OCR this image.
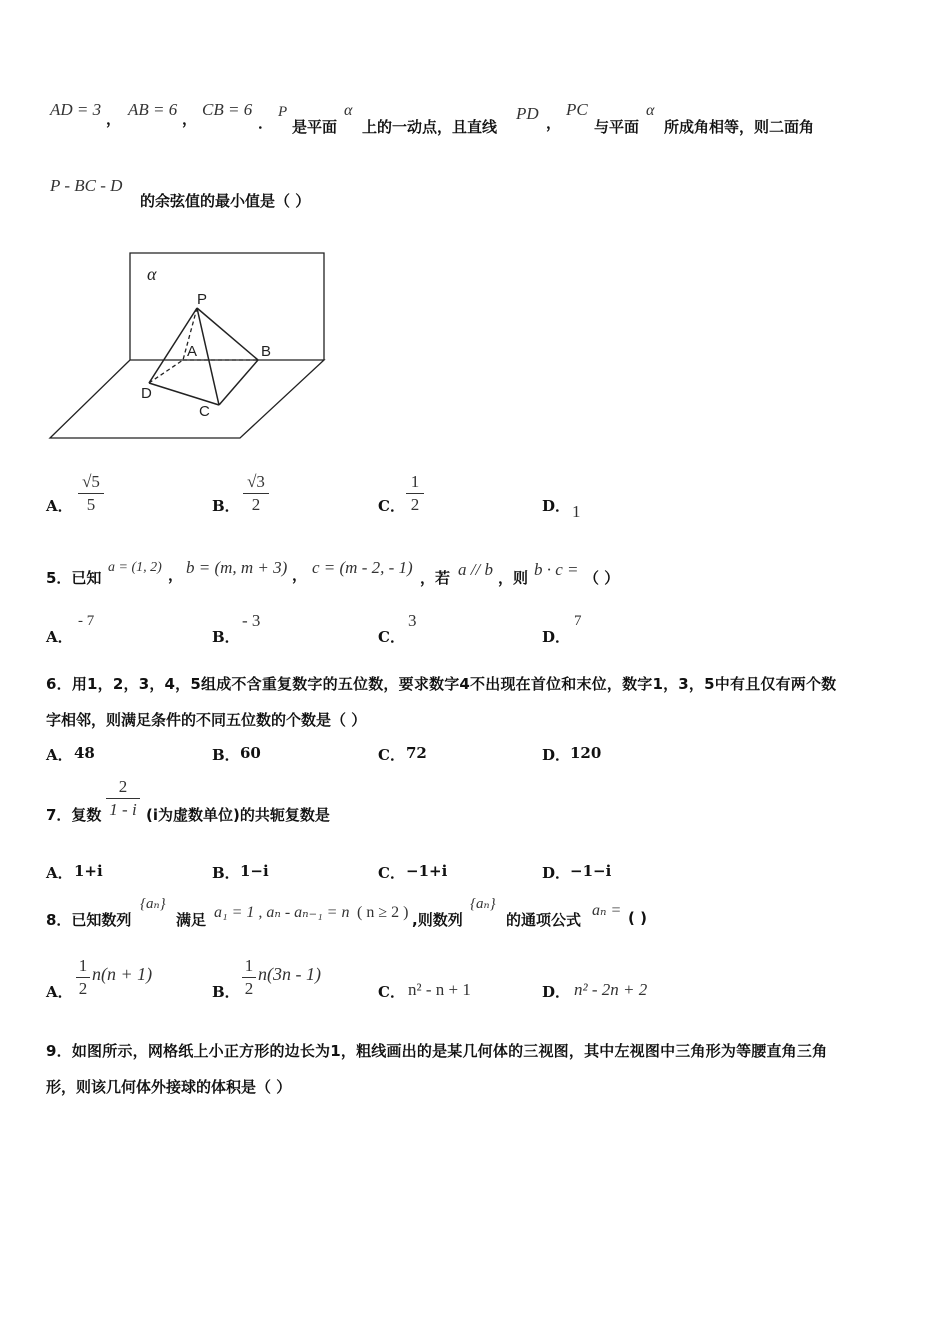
AD = 3 ， AB = 6 ， CB = 6
．
P
是平面
α
上的一动点，且直线
PD ，
PC
与平面
α
所成角相等，则二面角
P - BC - D
的余弦值的最小值是（ ）
α
P
A	B
D
C
A．
√5
5	B．
√3
2	C．
1
2	D． 1
5．已知
a = (1, 2) ， b = (m, m + 3) ， c = (m - 2, - 1)
，若 a // b ，则 b · c = （ ）
A．
- 7
B．
- 3
C．
3
D．
7
6．用1，2，3，4，5组成不含重复数字的五位数，要求数字4不出现在首位和末位，数字1，3，5中有且仅有两个数
字相邻，则满足条件的不同五位数的个数是（ ）
A． 48	B． 60	C． 72	D． 120
7．复数
2
1 - i (i为虚数单位)的共轭复数是
A． 1+i	B． 1−i	C． −1+i	D． −1−i
8．已知数列
{aₙ}
满足 a₁ = 1 , aₙ - aₙ₋₁ = n ( n ≥ 2 ) ,则数列
{aₙ}
的通项公式
aₙ = ( )
A．
1
2
n(n + 1)
B．
1
2
n(3n - 1)
C． n² - n + 1	D． n² - 2n + 2
9．如图所示，网格纸上小正方形的边长为1，粗线画出的是某几何体的三视图，其中左视图中三角形为等腰直角三角
形，则该几何体外接球的体积是（ ）
